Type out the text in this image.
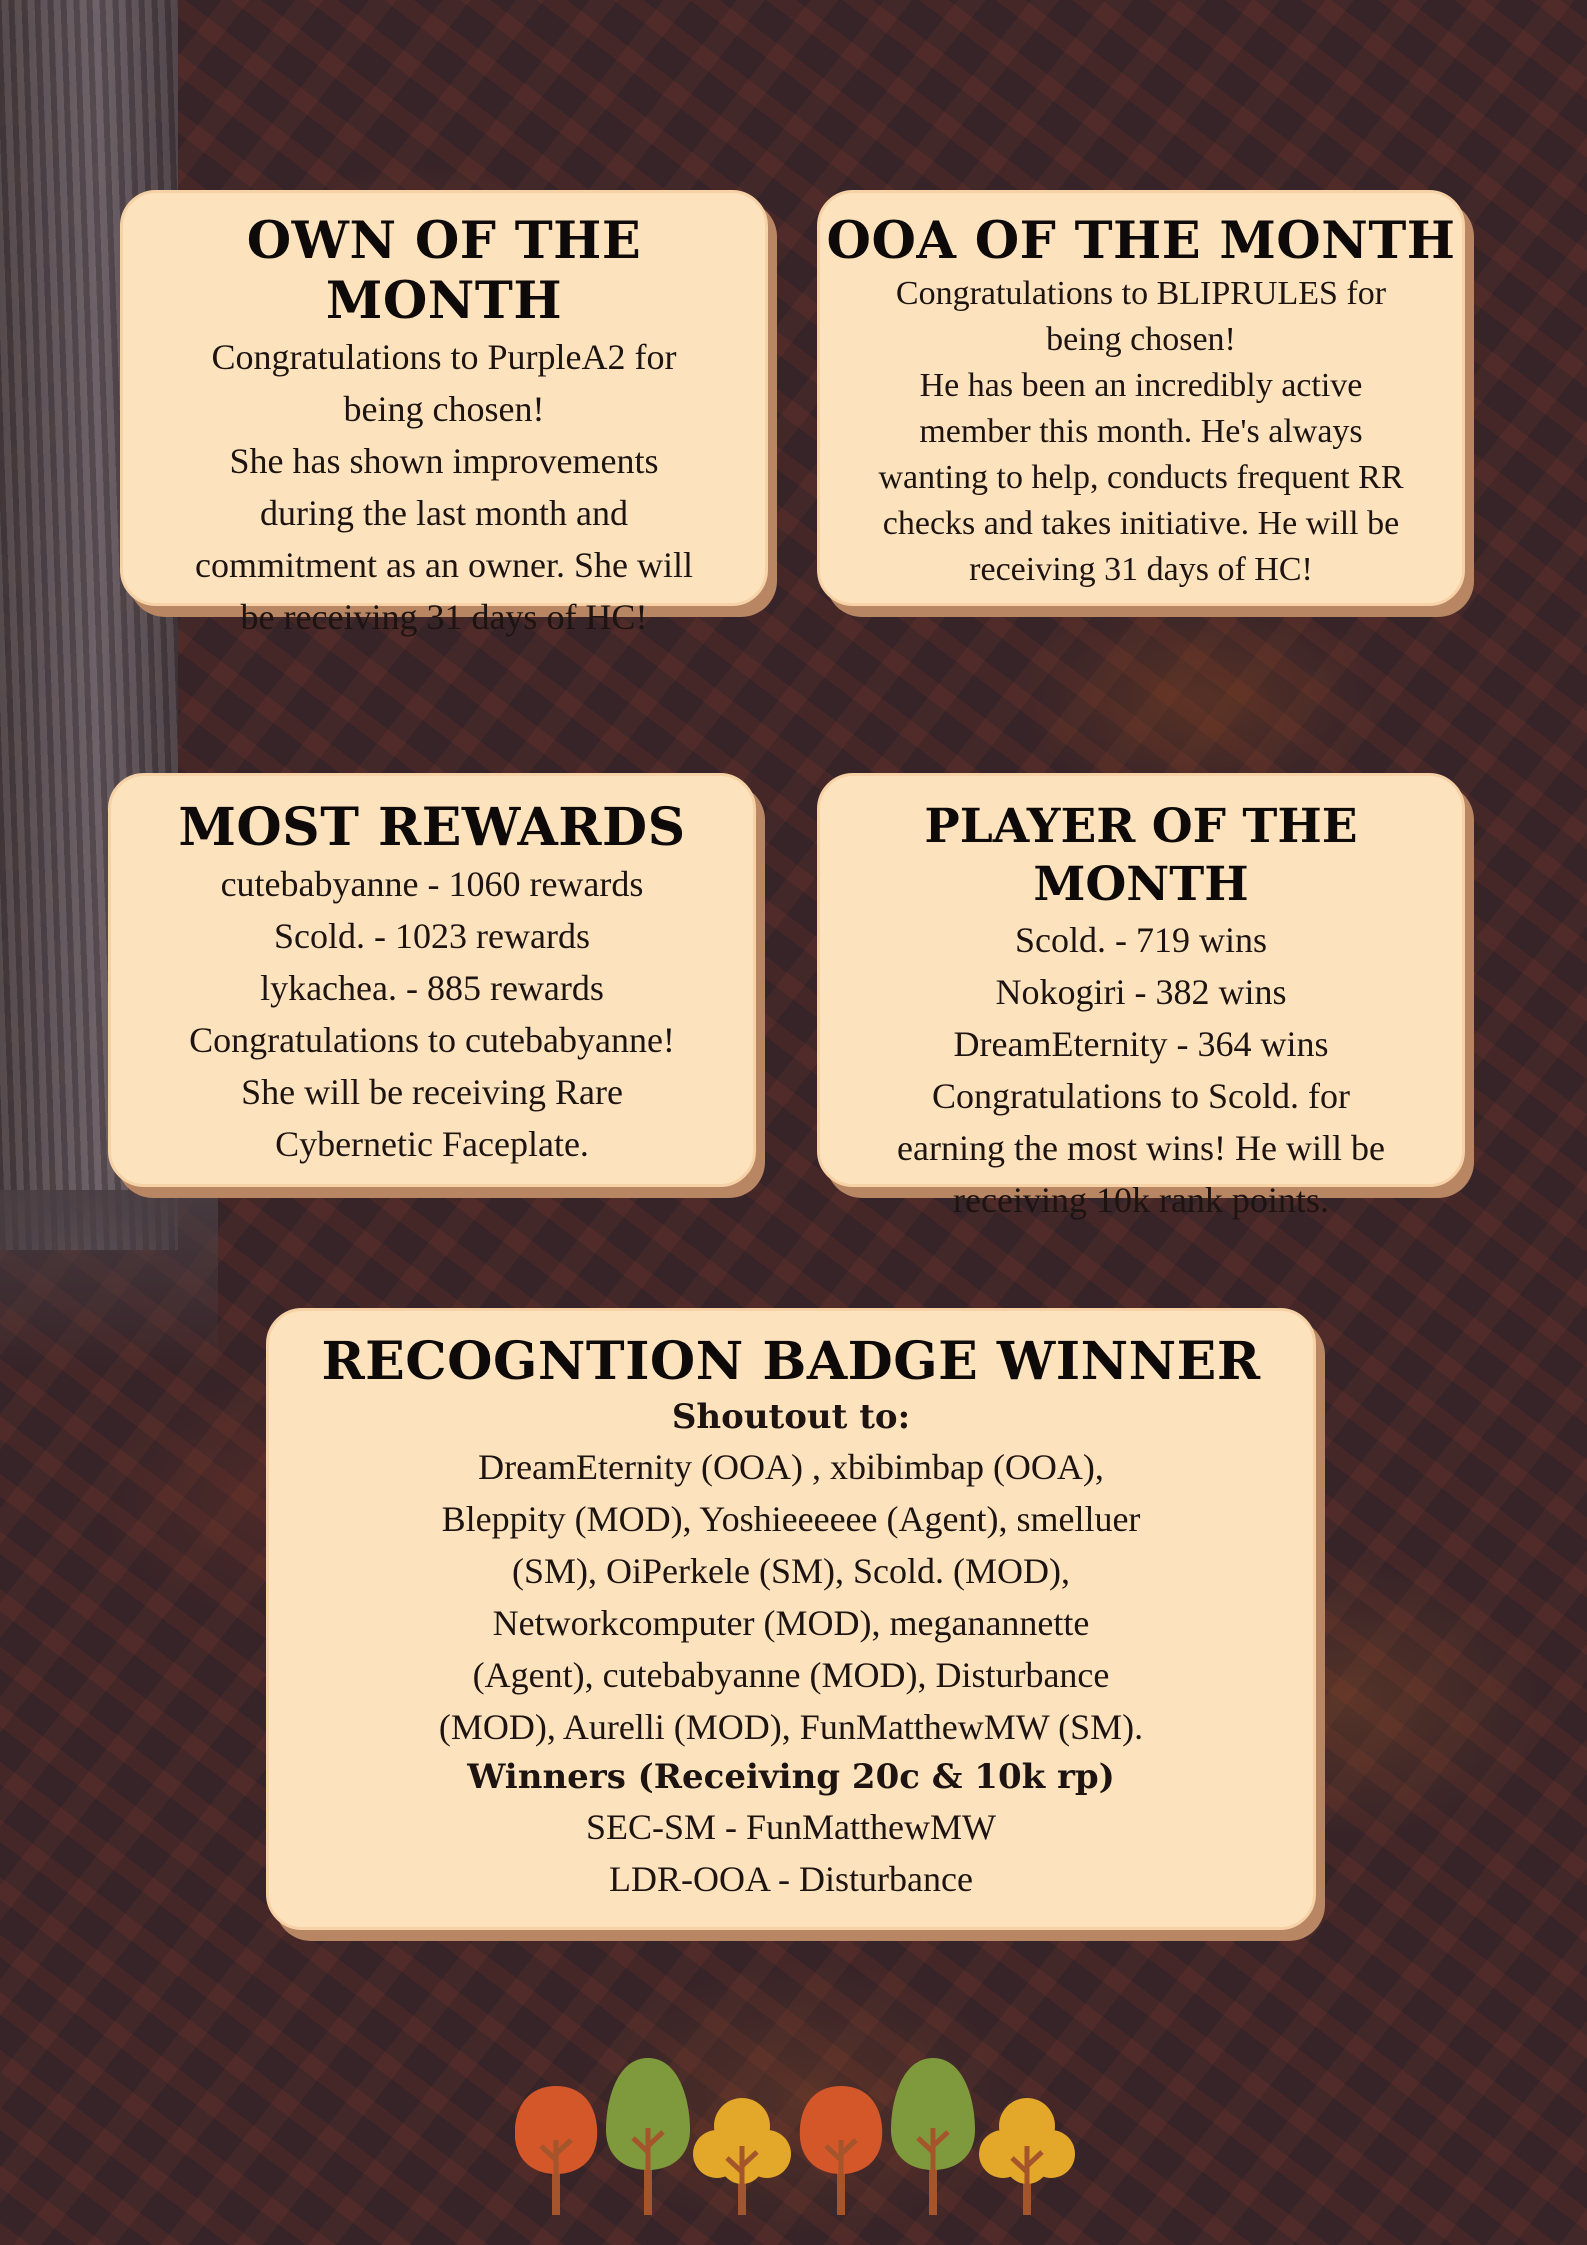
OWN OF THE MONTH

Congratulations to PurpleA2 for
being chosen!
She has shown improvements
during the last month and
commitment as an owner. She will
be receiving 31 days of HC!

OOA OF THE MONTH

Congratulations to BLIPRULES for
being chosen!
He has been an incredibly active
member this month. He's always
wanting to help, conducts frequent RR
checks and takes initiative. He will be
receiving 31 days of HC!

MOST REWARDS

cutebabyanne - 1060 rewards
Scold. - 1023 rewards
lykachea. - 885 rewards
Congratulations to cutebabyanne!
She will be receiving Rare
Cybernetic Faceplate.

PLAYER OF THE MONTH

Scold. - 719 wins
Nokogiri - 382 wins
DreamEternity - 364 wins
Congratulations to Scold. for
earning the most wins! He will be
receiving 10k rank points.

RECOGNTION BADGE WINNER
Shoutout to:

DreamEternity (OOA) , xbibimbap (OOA),
Bleppity (MOD), Yoshieeeeee (Agent), smelluer
(SM), OiPerkele (SM), Scold. (MOD),
Networkcomputer (MOD), meganannette
(Agent), cutebabyanne (MOD), Disturbance
(MOD), Aurelli (MOD), FunMatthewMW (SM).

Winners (Receiving 20c & 10k rp)

SEC-SM - FunMatthewMW
LDR-OOA - Disturbance
